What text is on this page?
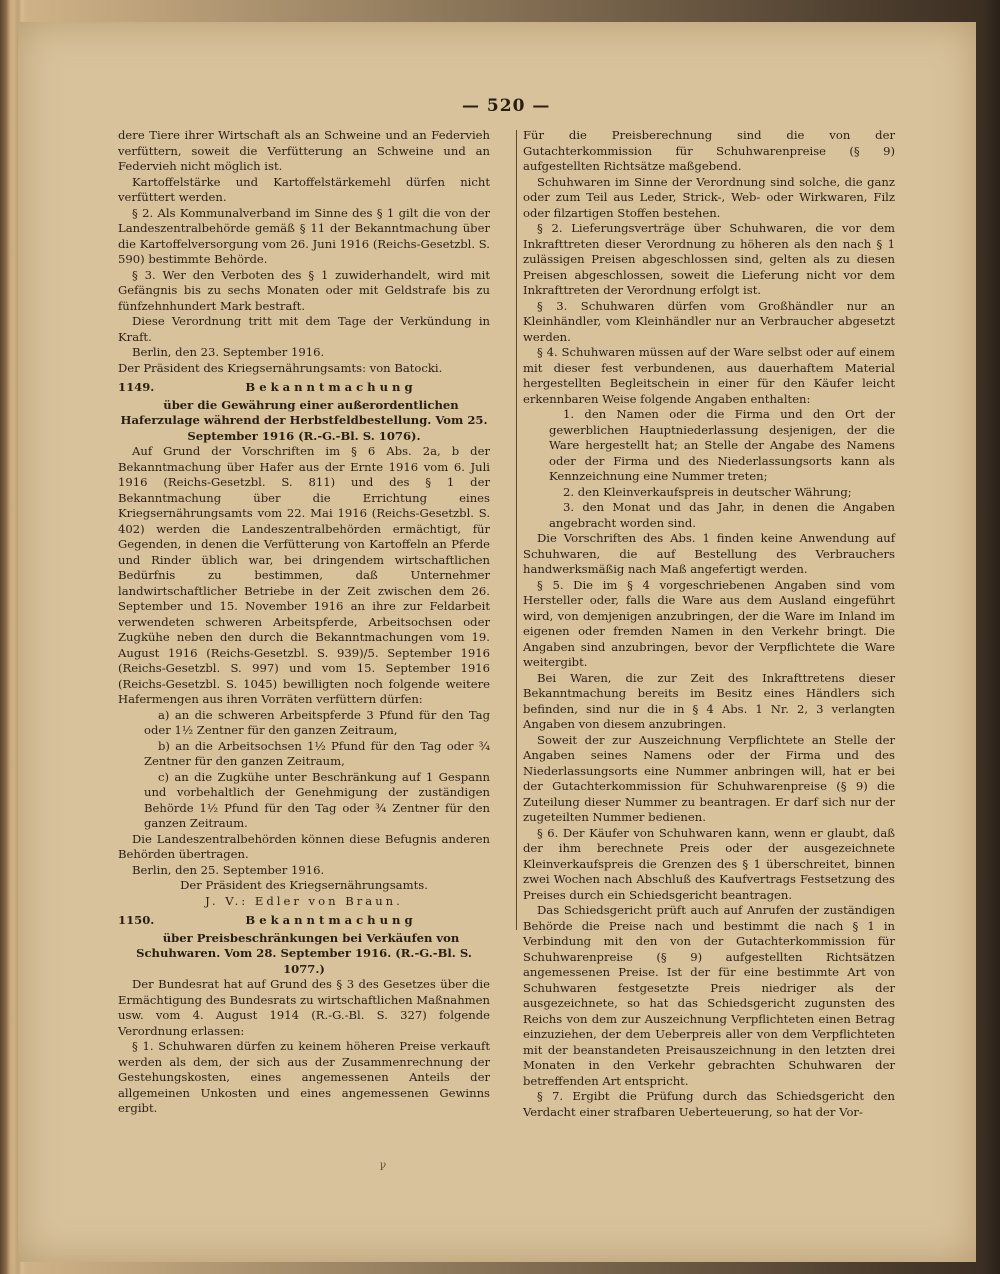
— 520 —

dere Tiere ihrer Wirtschaft als an Schweine und an Federvieh verfüttern, soweit die Verfütterung an Schweine und an Federvieh nicht möglich ist.

Kartoffelstärke und Kartoffelstärkemehl dürfen nicht verfüttert werden.

§ 2. Als Kommunalverband im Sinne des § 1 gilt die von der Landeszentralbehörde gemäß § 11 der Bekanntmachung über die Kartoffelversorgung vom 26. Juni 1916 (Reichs-Gesetzbl. S. 590) bestimmte Behörde.

§ 3. Wer den Verboten des § 1 zuwiderhandelt, wird mit Gefängnis bis zu sechs Monaten oder mit Geldstrafe bis zu fünfzehnhundert Mark bestraft.

Diese Verordnung tritt mit dem Tage der Verkündung in Kraft.

Berlin, den 23. September 1916.

Der Präsident des Kriegsernährungsamts: von Batocki.

1149.	Bekanntmachung

über die Gewährung einer außerordentlichen Haferzulage während der Herbstfeldbestellung. Vom 25. September 1916 (R.-G.-Bl. S. 1076).

Auf Grund der Vorschriften im § 6 Abs. 2a, b der Bekanntmachung über Hafer aus der Ernte 1916 vom 6. Juli 1916 (Reichs-Gesetzbl. S. 811) und des § 1 der Bekanntmachung über die Errichtung eines Kriegsernährungsamts vom 22. Mai 1916 (Reichs-Gesetzbl. S. 402) werden die Landeszentralbehörden ermächtigt, für Gegenden, in denen die Verfütterung von Kartoffeln an Pferde und Rinder üblich war, bei dringendem wirtschaftlichen Bedürfnis zu bestimmen, daß Unternehmer landwirtschaftlicher Betriebe in der Zeit zwischen dem 26. September und 15. November 1916 an ihre zur Feldarbeit verwendeten schweren Arbeitspferde, Arbeitsochsen oder Zugkühe neben den durch die Bekanntmachungen vom 19. August 1916 (Reichs-Gesetzbl. S. 939)/5. September 1916 (Reichs-Gesetzbl. S. 997) und vom 15. September 1916 (Reichs-Gesetzbl. S. 1045) bewilligten noch folgende weitere Hafermengen aus ihren Vorräten verfüttern dürfen:

a) an die schweren Arbeitspferde 3 Pfund für den Tag oder 1½ Zentner für den ganzen Zeitraum,

b) an die Arbeitsochsen 1½ Pfund für den Tag oder ¾ Zentner für den ganzen Zeitraum,

c) an die Zugkühe unter Beschränkung auf 1 Gespann und vorbehaltlich der Genehmigung der zuständigen Behörde 1½ Pfund für den Tag oder ¾ Zentner für den ganzen Zeitraum.

Die Landeszentralbehörden können diese Befugnis anderen Behörden übertragen.

Berlin, den 25. September 1916.

Der Präsident des Kriegsernährungsamts.

J. V.: Edler von Braun.

1150.	Bekanntmachung

über Preisbeschränkungen bei Verkäufen von Schuhwaren. Vom 28. September 1916. (R.-G.-Bl. S. 1077.)

Der Bundesrat hat auf Grund des § 3 des Gesetzes über die Ermächtigung des Bundesrats zu wirtschaftlichen Maßnahmen usw. vom 4. August 1914 (R.-G.-Bl. S. 327) folgende Verordnung erlassen:

§ 1. Schuhwaren dürfen zu keinem höheren Preise verkauft werden als dem, der sich aus der Zusammenrechnung der Gestehungskosten, eines angemessenen Anteils der allgemeinen Unkosten und eines angemessenen Gewinns ergibt.

Für die Preisberechnung sind die von der Gutachterkommission für Schuhwarenpreise (§ 9) aufgestellten Richtsätze maßgebend.

Schuhwaren im Sinne der Verordnung sind solche, die ganz oder zum Teil aus Leder, Strick-, Web- oder Wirkwaren, Filz oder filzartigen Stoffen bestehen.

§ 2. Lieferungsverträge über Schuhwaren, die vor dem Inkrafttreten dieser Verordnung zu höheren als den nach § 1 zulässigen Preisen abgeschlossen sind, gelten als zu diesen Preisen abgeschlossen, soweit die Lieferung nicht vor dem Inkrafttreten der Verordnung erfolgt ist.

§ 3. Schuhwaren dürfen vom Großhändler nur an Kleinhändler, vom Kleinhändler nur an Verbraucher abgesetzt werden.

§ 4. Schuhwaren müssen auf der Ware selbst oder auf einem mit dieser fest verbundenen, aus dauerhaftem Material hergestellten Begleitschein in einer für den Käufer leicht erkennbaren Weise folgende Angaben enthalten:

1. den Namen oder die Firma und den Ort der gewerblichen Hauptniederlassung desjenigen, der die Ware hergestellt hat; an Stelle der Angabe des Namens oder der Firma und des Niederlassungsorts kann als Kennzeichnung eine Nummer treten;

2. den Kleinverkaufspreis in deutscher Währung;

3. den Monat und das Jahr, in denen die Angaben angebracht worden sind.

Die Vorschriften des Abs. 1 finden keine Anwendung auf Schuhwaren, die auf Bestellung des Verbrauchers handwerksmäßig nach Maß angefertigt werden.

§ 5. Die im § 4 vorgeschriebenen Angaben sind vom Hersteller oder, falls die Ware aus dem Ausland eingeführt wird, von demjenigen anzubringen, der die Ware im Inland im eigenen oder fremden Namen in den Verkehr bringt. Die Angaben sind anzubringen, bevor der Verpflichtete die Ware weitergibt.

Bei Waren, die zur Zeit des Inkrafttretens dieser Bekanntmachung bereits im Besitz eines Händlers sich befinden, sind nur die in § 4 Abs. 1 Nr. 2, 3 verlangten Angaben von diesem anzubringen.

Soweit der zur Auszeichnung Verpflichtete an Stelle der Angaben seines Namens oder der Firma und des Niederlassungsorts eine Nummer anbringen will, hat er bei der Gutachterkommission für Schuhwarenpreise (§ 9) die Zuteilung dieser Nummer zu beantragen. Er darf sich nur der zugeteilten Nummer bedienen.

§ 6. Der Käufer von Schuhwaren kann, wenn er glaubt, daß der ihm berechnete Preis oder der ausgezeichnete Kleinverkaufspreis die Grenzen des § 1 überschreitet, binnen zwei Wochen nach Abschluß des Kaufvertrags Festsetzung des Preises durch ein Schiedsgericht beantragen.

Das Schiedsgericht prüft auch auf Anrufen der zuständigen Behörde die Preise nach und bestimmt die nach § 1 in Verbindung mit den von der Gutachterkommission für Schuhwarenpreise (§ 9) aufgestellten Richtsätzen angemessenen Preise. Ist der für eine bestimmte Art von Schuhwaren festgesetzte Preis niedriger als der ausgezeichnete, so hat das Schiedsgericht zugunsten des Reichs von dem zur Auszeichnung Verpflichteten einen Betrag einzuziehen, der dem Ueberpreis aller von dem Verpflichteten mit der beanstandeten Preisauszeichnung in den letzten drei Monaten in den Verkehr gebrachten Schuhwaren der betreffenden Art entspricht.

§ 7. Ergibt die Prüfung durch das Schiedsgericht den Verdacht einer strafbaren Ueberteuerung, so hat der Vor-

ꝩ
